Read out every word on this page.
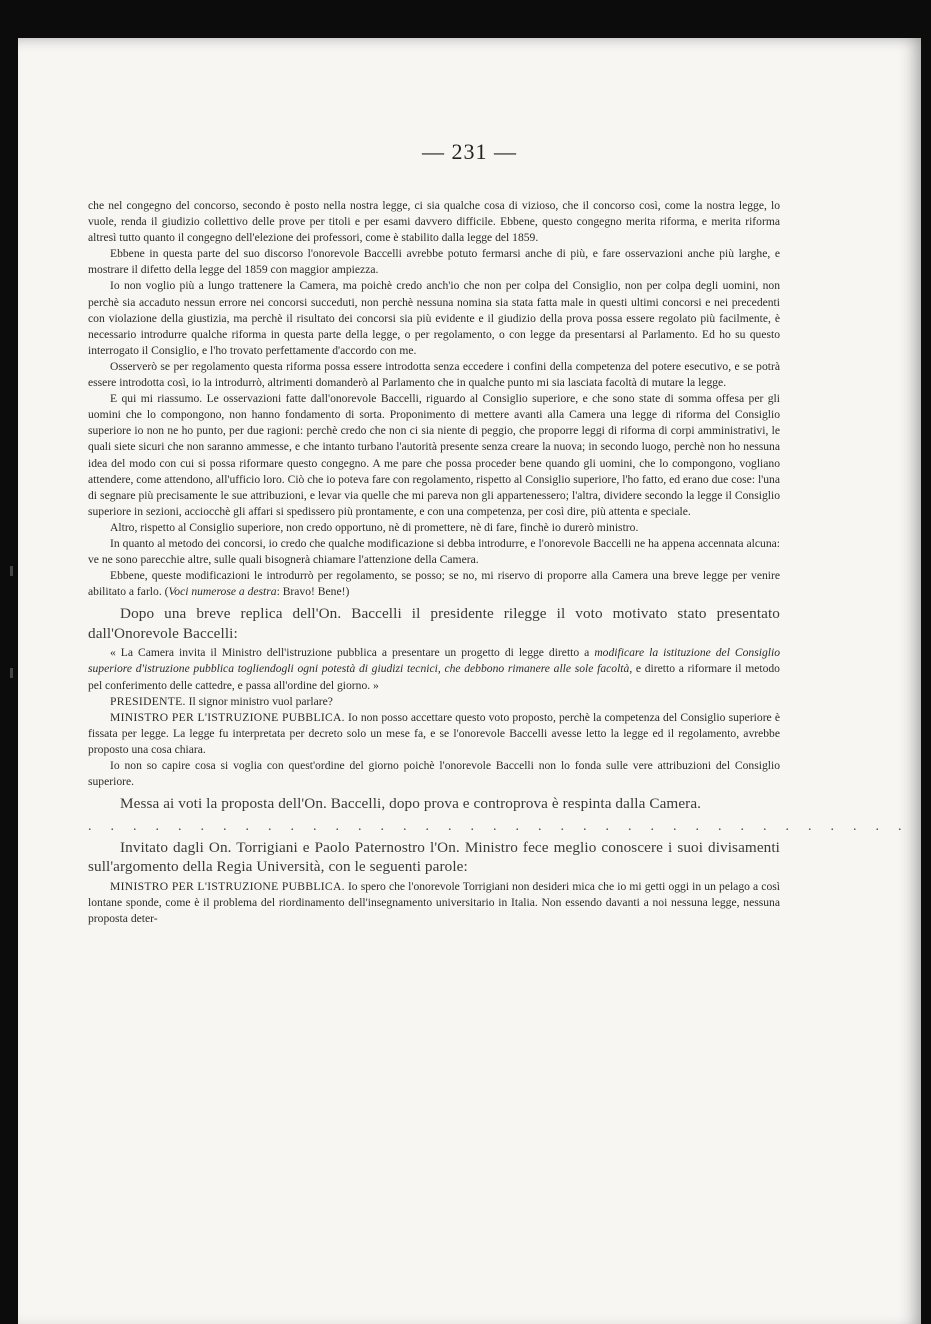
— 231 —

che nel congegno del concorso, secondo è posto nella nostra legge, ci sia qualche cosa di vizioso, che il concorso così, come la nostra legge, lo vuole, renda il giudizio collettivo delle prove per titoli e per esami davvero difficile. Ebbene, questo congegno merita riforma, e merita riforma altresì tutto quanto il congegno dell'elezione dei professori, come è stabilito dalla legge del 1859.

Ebbene in questa parte del suo discorso l'onorevole Baccelli avrebbe potuto fermarsi anche di più, e fare osservazioni anche più larghe, e mostrare il difetto della legge del 1859 con maggior ampiezza.

Io non voglio più a lungo trattenere la Camera, ma poichè credo anch'io che non per colpa del Consiglio, non per colpa degli uomini, non perchè sia accaduto nessun errore nei concorsi succeduti, non perchè nessuna nomina sia stata fatta male in questi ultimi concorsi e nei precedenti con violazione della giustizia, ma perchè il risultato dei concorsi sia più evidente e il giudizio della prova possa essere regolato più facilmente, è necessario introdurre qualche riforma in questa parte della legge, o per regolamento, o con legge da presentarsi al Parlamento. Ed ho su questo interrogato il Consiglio, e l'ho trovato perfettamente d'accordo con me.

Osserverò se per regolamento questa riforma possa essere introdotta senza eccedere i confini della competenza del potere esecutivo, e se potrà essere introdotta così, io la introdurrò, altrimenti domanderò al Parlamento che in qualche punto mi sia lasciata facoltà di mutare la legge.

E qui mi riassumo. Le osservazioni fatte dall'onorevole Baccelli, riguardo al Consiglio superiore, e che sono state di somma offesa per gli uomini che lo compongono, non hanno fondamento di sorta. Proponimento di mettere avanti alla Camera una legge di riforma del Consiglio superiore io non ne ho punto, per due ragioni: perchè credo che non ci sia niente di peggio, che proporre leggi di riforma di corpi amministrativi, le quali siete sicuri che non saranno ammesse, e che intanto turbano l'autorità presente senza creare la nuova; in secondo luogo, perchè non ho nessuna idea del modo con cui si possa riformare questo congegno. A me pare che possa proceder bene quando gli uomini, che lo compongono, vogliano attendere, come attendono, all'ufficio loro. Ciò che io poteva fare con regolamento, rispetto al Consiglio superiore, l'ho fatto, ed erano due cose: l'una di segnare più precisamente le sue attribuzioni, e levar via quelle che mi pareva non gli appartenessero; l'altra, dividere secondo la legge il Consiglio superiore in sezioni, acciocchè gli affari si spedissero più prontamente, e con una competenza, per così dire, più attenta e speciale.

Altro, rispetto al Consiglio superiore, non credo opportuno, nè di promettere, nè di fare, finchè io durerò ministro.

In quanto al metodo dei concorsi, io credo che qualche modificazione si debba introdurre, e l'onorevole Baccelli ne ha appena accennata alcuna: ve ne sono parecchie altre, sulle quali bisognerà chiamare l'attenzione della Camera.

Ebbene, queste modificazioni le introdurrò per regolamento, se posso; se no, mi riservo di proporre alla Camera una breve legge per venire abilitato a farlo. (Voci numerose a destra: Bravo! Bene!)

Dopo una breve replica dell'On. Baccelli il presidente rilegge il voto motivato stato presentato dall'Onorevole Baccelli:

« La Camera invita il Ministro dell'istruzione pubblica a presentare un progetto di legge diretto a modificare la istituzione del Consiglio superiore d'istruzione pubblica togliendogli ogni potestà di giudizi tecnici, che debbono rimanere alle sole facoltà, e diretto a riformare il metodo pel conferimento delle cattedre, e passa all'ordine del giorno. »

PRESIDENTE. Il signor ministro vuol parlare?

MINISTRO PER L'ISTRUZIONE PUBBLICA. Io non posso accettare questo voto proposto, perchè la competenza del Consiglio superiore è fissata per legge. La legge fu interpretata per decreto solo un mese fa, e se l'onorevole Baccelli avesse letto la legge ed il regolamento, avrebbe proposto una cosa chiara.

Io non so capire cosa si voglia con quest'ordine del giorno poichè l'onorevole Baccelli non lo fonda sulle vere attribuzioni del Consiglio superiore.

Messa ai voti la proposta dell'On. Baccelli, dopo prova e controprova è respinta dalla Camera.

.....................................

Invitato dagli On. Torrigiani e Paolo Paternostro l'On. Ministro fece meglio conoscere i suoi divisamenti sull'argomento della Regia Università, con le seguenti parole:

MINISTRO PER L'ISTRUZIONE PUBBLICA. Io spero che l'onorevole Torrigiani non desideri mica che io mi getti oggi in un pelago a così lontane sponde, come è il problema del riordinamento dell'insegnamento universitario in Italia. Non essendo davanti a noi nessuna legge, nessuna proposta deter-
